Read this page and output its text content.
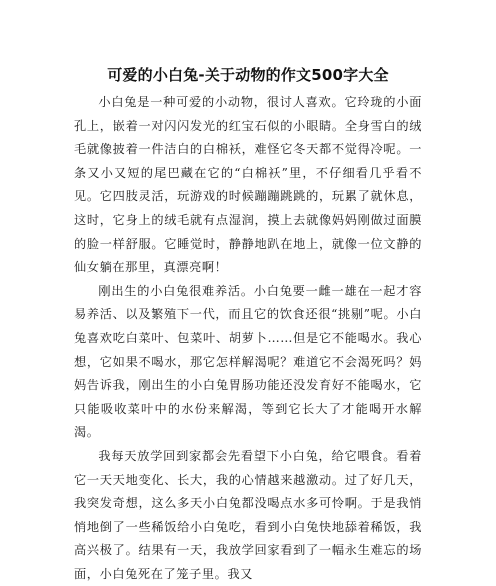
可爱的小白兔-关于动物的作文500字大全

小白兔是一种可爱的小动物，很讨人喜欢。它玲珑的小面孔上，嵌着一对闪闪发光的红宝石似的小眼睛。全身雪白的绒毛就像披着一件洁白的白棉袄，难怪它冬天都不觉得冷呢。一条又小又短的尾巴藏在它的“白棉袄”里，不仔细看几乎看不见。它四肢灵活，玩游戏的时候蹦蹦跳跳的，玩累了就休息，这时，它身上的绒毛就有点湿润，摸上去就像妈妈刚做过面膜的脸一样舒服。它睡觉时，静静地趴在地上，就像一位文静的仙女躺在那里，真漂亮啊！

刚出生的小白兔很难养活。小白兔要一雌一雄在一起才容易养活、以及繁殖下一代，而且它的饮食还很“挑剔”呢。小白兔喜欢吃白菜叶、包菜叶、胡萝卜……但是它不能喝水。我心想，它如果不喝水，那它怎样解渴呢？难道它不会渴死吗？妈妈告诉我，刚出生的小白兔胃肠功能还没发育好不能喝水，它只能吸收菜叶中的水份来解渴，等到它长大了才能喝开水解渴。

我每天放学回到家都会先看望下小白兔，给它喂食。看着它一天天地变化、长大，我的心情越来越激动。过了好几天，我突发奇想，这么多天小白兔都没喝点水多可怜啊。于是我悄悄地倒了一些稀饭给小白兔吃，看到小白兔快地舔着稀饭，我高兴极了。结果有一天，我放学回家看到了一幅永生难忘的场面，小白兔死在了笼子里。我又
